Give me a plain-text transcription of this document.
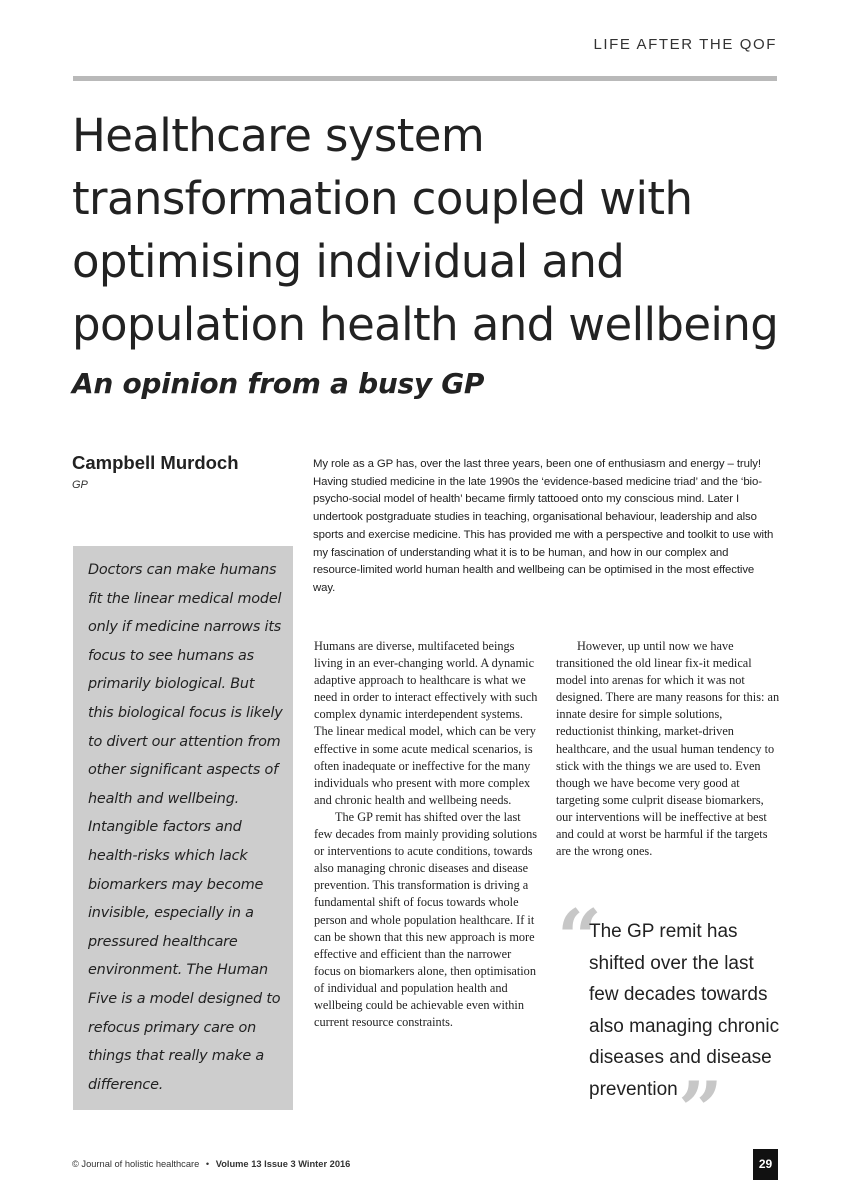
LIFE AFTER THE QOF
Healthcare system transformation coupled with optimising individual and population health and wellbeing
An opinion from a busy GP
Campbell Murdoch
GP

My role as a GP has, over the last three years, been one of enthusiasm and energy – truly! Having studied medicine in the late 1990s the ‘evidence-based medicine triad’ and the ‘bio-psycho-social model of health’ became firmly tattooed onto my conscious mind. Later I undertook postgraduate studies in teaching, organisational behaviour, leadership and also sports and exercise medicine. This has provided me with a perspective and toolkit to use with my fascination of understanding what it is to be human, and how in our complex and resource-limited world human health and wellbeing can be optimised in the most effective way.

Doctors can make humans fit the linear medical model only if medicine narrows its focus to see humans as primarily biological. But this biological focus is likely to divert our attention from other significant aspects of health and wellbeing. Intangible factors and health-risks which lack biomarkers may become invisible, especially in a pressured healthcare environment. The Human Five is a model designed to refocus primary care on things that really make a difference.

Humans are diverse, multifaceted beings living in an ever-changing world. A dynamic adaptive approach to healthcare is what we need in order to interact effectively with such complex dynamic interdependent systems. The linear medical model, which can be very effective in some acute medical scenarios, is often inadequate or ineffective for the many individuals who present with more complex and chronic health and wellbeing needs.

The GP remit has shifted over the last few decades from mainly providing solutions or interventions to acute conditions, towards also managing chronic diseases and disease prevention. This transformation is driving a fundamental shift of focus towards whole person and whole population healthcare. If it can be shown that this new approach is more effective and efficient than the narrower focus on biomarkers alone, then optimisation of individual and population health and wellbeing could be achievable even within current resource constraints.

However, up until now we have transitioned the old linear fix-it medical model into arenas for which it was not designed. There are many reasons for this: an innate desire for simple solutions, reductionist thinking, market-driven healthcare, and the usual human tendency to stick with the things we are used to. Even though we have become very good at targeting some culprit disease biomarkers, our interventions will be ineffective at best and could at worst be harmful if the targets are the wrong ones.

“

The GP remit has shifted over the last few decades towards also managing chronic diseases and disease prevention ”
© Journal of holistic healthcare • Volume 13 Issue 3 Winter 2016	29
